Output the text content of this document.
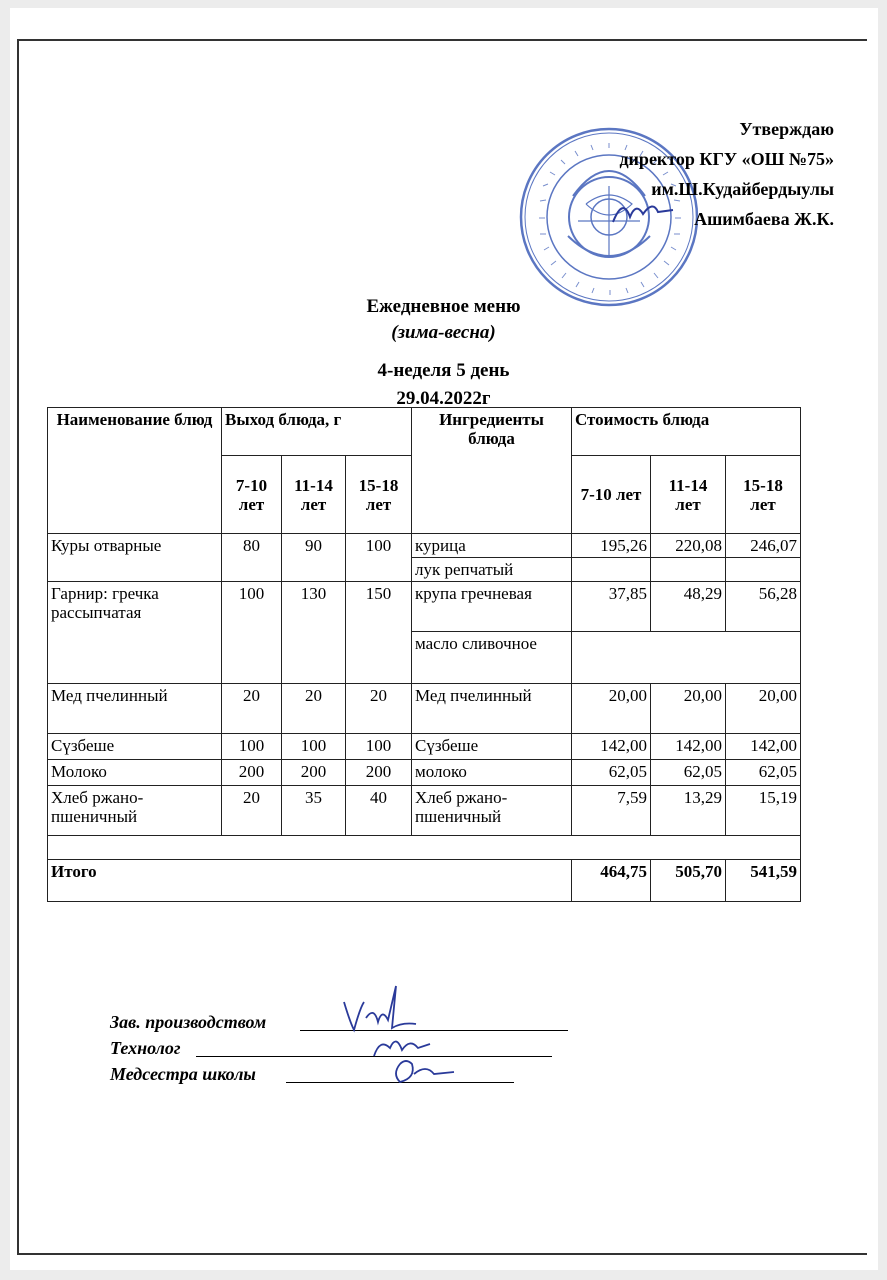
Утверждаю
директор КГУ «ОШ №75»
им.Ш.Кудайбердыулы
Ашимбаева Ж.К.
Ежедневное меню
(зима-весна)
4-неделя 5 день
29.04.2022г
Наименование блюд	Выход блюда, г			Ингредиенты блюда	Стоимость блюда		
	7-10 лет	11-14 лет	15-18 лет		7-10 лет	11-14 лет	15-18 лет
Куры отварные	80	90	100	курица	195,26	220,08	246,07
				лук репчатый			
Гарнир: гречка рассыпчатая	100	130	150	крупа гречневая	37,85	48,29	56,28
				масло сливочное			
Мед пчелинный	20	20	20	Мед пчелинный	20,00	20,00	20,00
Сүзбеше	100	100	100	Сүзбеше	142,00	142,00	142,00
Молоко	200	200	200	молоко	62,05	62,05	62,05
Хлеб ржано-пшеничный	20	35	40	Хлеб ржано-пшеничный	7,59	13,29	15,19

Итого					464,75	505,70	541,59
Зав. производством
Технолог
Медсестра школы
